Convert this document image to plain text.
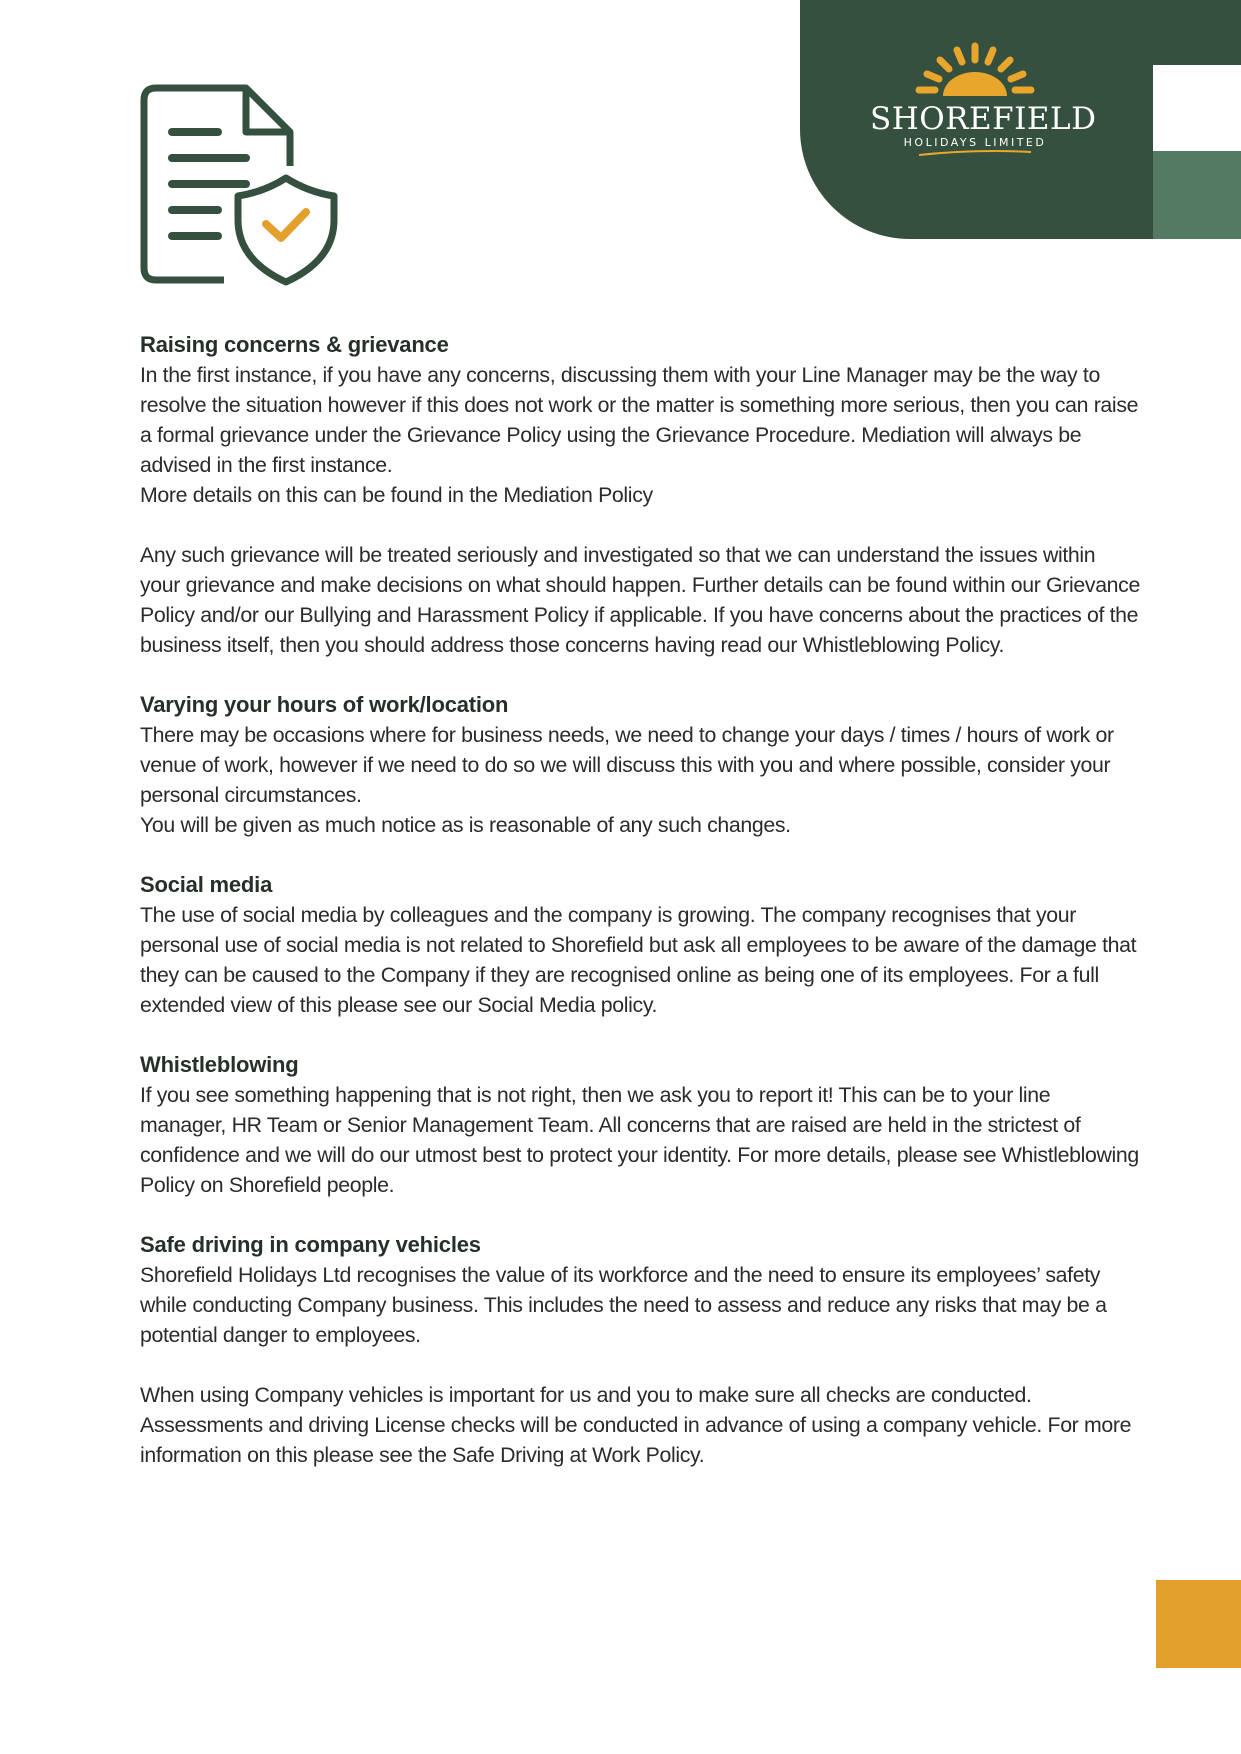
SHOREFIELD
HOLIDAYS LIMITED
Raising concerns & grievance

In the first instance, if you have any concerns, discussing them with your Line Manager may be the way to resolve the situation however if this does not work or the matter is something more serious, then you can raise a formal grievance under the Grievance Policy using the Grievance Procedure. Mediation will always be advised in the first instance.

More details on this can be found in the Mediation Policy

Any such grievance will be treated seriously and investigated so that we can understand the issues within your grievance and make decisions on what should happen. Further details can be found within our Grievance Policy and/or our Bullying and Harassment Policy if applicable. If you have concerns about the practices of the business itself, then you should address those concerns having read our Whistleblowing Policy.

Varying your hours of work/location

There may be occasions where for business needs, we need to change your days / times / hours of work or venue of work, however if we need to do so we will discuss this with you and where possible, consider your personal circumstances.

You will be given as much notice as is reasonable of any such changes.

Social media

The use of social media by colleagues and the company is growing. The company recognises that your personal use of social media is not related to Shorefield but ask all employees to be aware of the damage that they can be caused to the Company if they are recognised online as being one of its employees. For a full extended view of this please see our Social Media policy.

Whistleblowing

If you see something happening that is not right, then we ask you to report it! This can be to your line manager, HR Team or Senior Management Team. All concerns that are raised are held in the strictest of confidence and we will do our utmost best to protect your identity. For more details, please see Whistleblowing Policy on Shorefield people.

Safe driving in company vehicles

Shorefield Holidays Ltd recognises the value of its workforce and the need to ensure its employees’ safety while conducting Company business. This includes the need to assess and reduce any risks that may be a potential danger to employees.

When using Company vehicles is important for us and you to make sure all checks are conducted. Assessments and driving License checks will be conducted in advance of using a company vehicle. For more information on this please see the Safe Driving at Work Policy.
